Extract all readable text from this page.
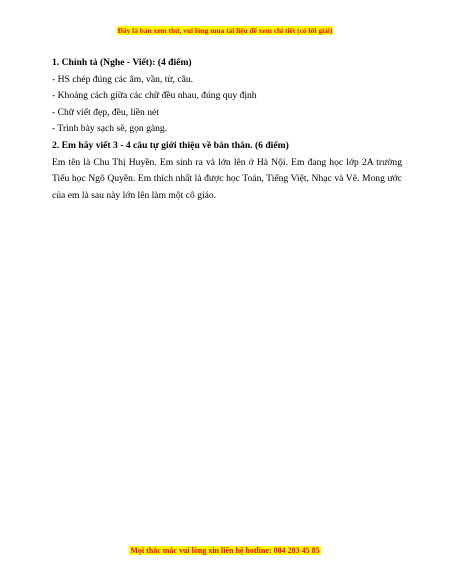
Đây là bản xem thử, vui lòng mua tài liệu để xem chi tiết (có lời giải)
1. Chính tả (Nghe - Viết): (4 điểm)
- HS chép đúng các âm, vần, từ, câu.
- Khoảng cách giữa các chữ đều nhau, đúng quy định
- Chữ viết đẹp, đều, liền nét
- Trình bày sạch sẽ, gọn gàng.
2. Em hãy viết 3 - 4 câu tự giới thiệu về bản thân. (6 điểm)
Em tên là Chu Thị Huyền. Em sinh ra và lớn lên ở Hà Nội. Em đang học lớp 2A trường Tiểu học Ngô Quyền. Em thích nhất là được học Toán, Tiếng Việt, Nhạc và Vẽ. Mong ước của em là sau này lớn lên làm một cô giáo.
Mọi thắc mắc vui lòng xin liên hệ hotline: 084 283 45 85
